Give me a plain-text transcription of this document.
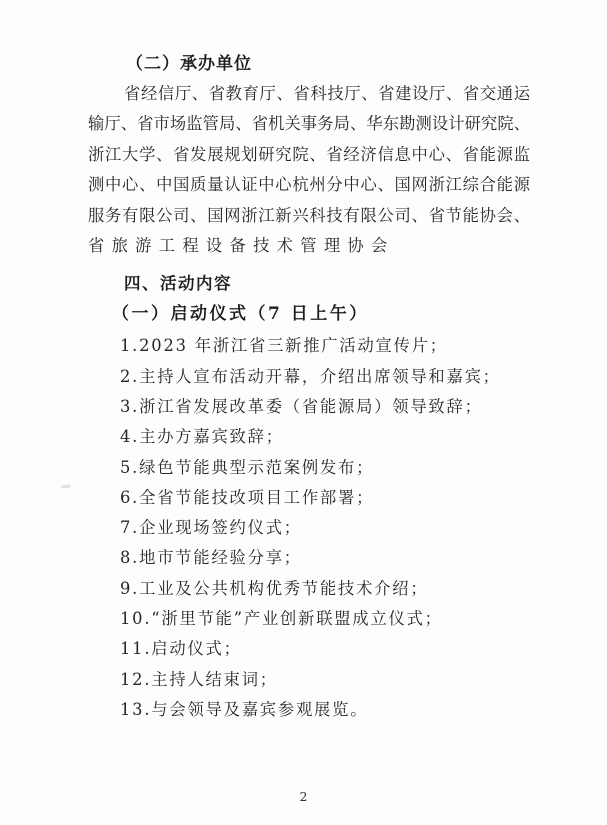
（二）承办单位
省经信厅、省教育厅、省科技厅、省建设厅、省交通运
输厅、省市场监管局、省机关事务局、华东勘测设计研究院、
浙江大学、省发展规划研究院、省经济信息中心、省能源监
测中心、中国质量认证中心杭州分中心、国网浙江综合能源
服务有限公司、国网浙江新兴科技有限公司、省节能协会、
省旅游工程设备技术管理协会
四、活动内容
（一）启动仪式（7 日上午）
1.2023 年浙江省三新推广活动宣传片；
2.主持人宣布活动开幕，介绍出席领导和嘉宾；
3.浙江省发展改革委（省能源局）领导致辞；
4.主办方嘉宾致辞；
5.绿色节能典型示范案例发布；
6.全省节能技改项目工作部署；
7.企业现场签约仪式；
8.地市节能经验分享；
9.工业及公共机构优秀节能技术介绍；
10.“浙里节能”产业创新联盟成立仪式；
11.启动仪式；
12.主持人结束词；
13.与会领导及嘉宾参观展览。
2
